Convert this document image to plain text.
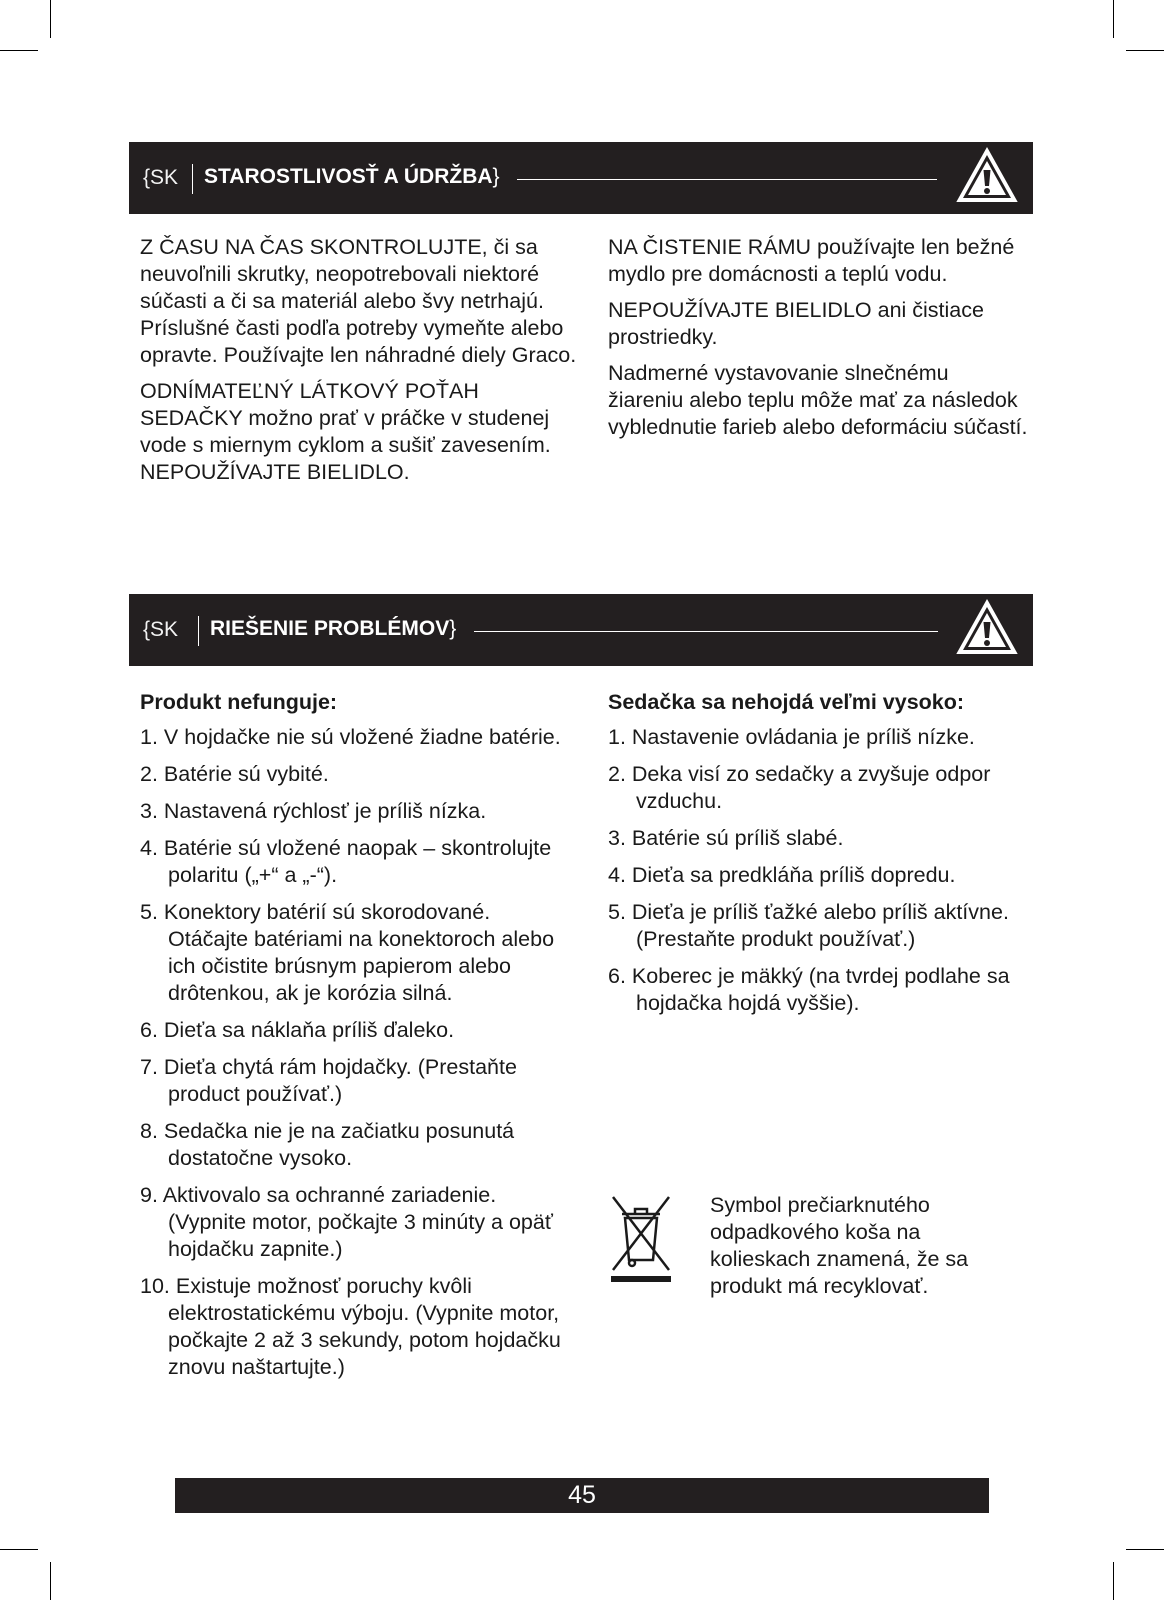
{SK STAROSTLIVOSŤ A ÚDRŽBA}

Z ČASU NA ČAS SKONTROLUJTE, či sa neuvoľnili skrutky, neopotrebovali niektoré súčasti a či sa materiál alebo švy netrhajú. Príslušné časti podľa potreby vymeňte alebo opravte. Používajte len náhradné diely Graco.

ODNÍMATEĽNÝ LÁTKOVÝ POŤAH SEDAČKY možno prať v práčke v studenej vode s miernym cyklom a sušiť zavesením. NEPOUŽÍVAJTE BIELIDLO.

NA ČISTENIE RÁMU používajte len bežné mydlo pre domácnosti a teplú vodu.

NEPOUŽÍVAJTE BIELIDLO ani čistiace prostriedky.

Nadmerné vystavovanie slnečnému žiareniu alebo teplu môže mať za následok vyblednutie farieb alebo deformáciu súčastí.

{SK RIEŠENIE PROBLÉMOV}
Produkt nefunguje:
1. V hojdačke nie sú vložené žiadne batérie.
2. Batérie sú vybité.
3. Nastavená rýchlosť je príliš nízka.
4. Batérie sú vložené naopak – skontrolujte polaritu („+“ a „-“).
5. Konektory batérií sú skorodované. Otáčajte batériami na konektoroch alebo ich očistite brúsnym papierom alebo drôtenkou, ak je korózia silná.
6. Dieťa sa náklaňa príliš ďaleko.
7. Dieťa chytá rám hojdačky. (Prestaňte product používať.)
8. Sedačka nie je na začiatku posunutá dostatočne vysoko.
9. Aktivovalo sa ochranné zariadenie. (Vypnite motor, počkajte 3 minúty a opäť hojdačku zapnite.)
10. Existuje možnosť poruchy kvôli elektrostatickému výboju. (Vypnite motor, počkajte 2 až 3 sekundy, potom hojdačku znovu naštartujte.)
Sedačka sa nehojdá veľmi vysoko:
1. Nastavenie ovládania je príliš nízke.
2. Deka visí zo sedačky a zvyšuje odpor vzduchu.
3. Batérie sú príliš slabé.
4. Dieťa sa predkláňa príliš dopredu.
5. Dieťa je príliš ťažké alebo príliš aktívne. (Prestaňte produkt používať.)
6. Koberec je mäkký (na tvrdej podlahe sa hojdačka hojdá vyššie).
Symbol prečiarknutého odpadkového koša na kolieskach znamená, že sa produkt má recyklovať.
45
